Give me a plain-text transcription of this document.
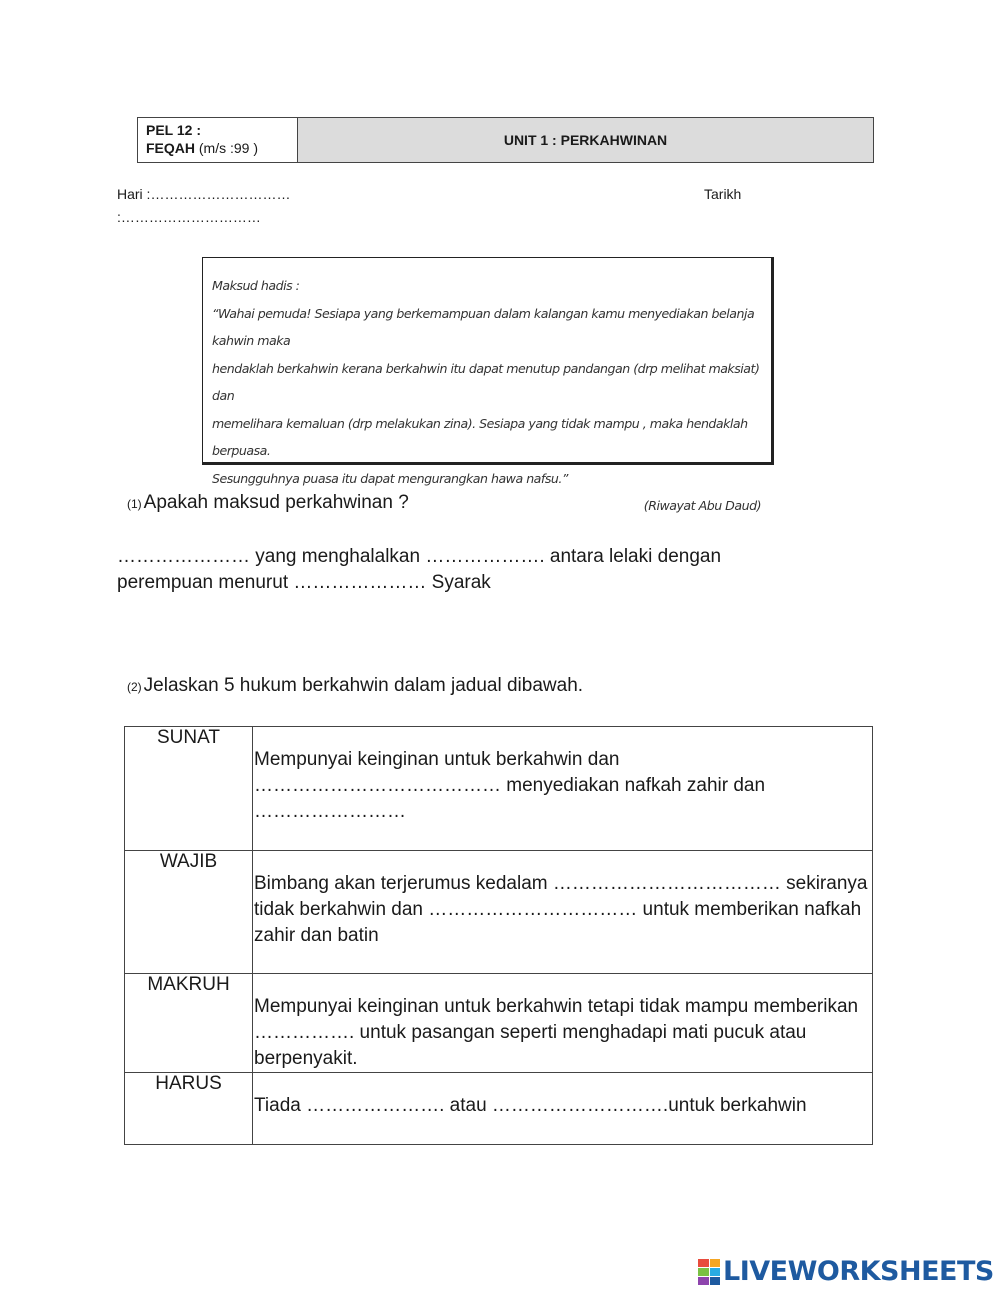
PEL 12 :
FEQAH (m/s :99 )	UNIT 1 : PERKAHWINAN
Hari :…………………………	Tarikh
:…………………………
Maksud hadis :
“Wahai pemuda! Sesiapa yang berkemampuan dalam kalangan kamu menyediakan belanja kahwin maka
hendaklah berkahwin kerana berkahwin itu dapat menutup pandangan (drp melihat maksiat) dan
memelihara kemaluan (drp melakukan zina). Sesiapa yang tidak mampu , maka hendaklah berpuasa.
Sesungguhnya puasa itu dapat mengurangkan hawa nafsu.”
(Riwayat Abu Daud)
(1) Apakah maksud perkahwinan ?
………………… yang menghalalkan ………………. antara lelaki dengan
perempuan menurut ………………… Syarak
(2) Jelaskan 5 hukum berkahwin dalam jadual dibawah.
SUNAT	Mempunyai keinginan untuk berkahwin dan ………………………………… menyediakan nafkah zahir dan ……………………
WAJIB	Bimbang akan terjerumus kedalam ……………………………… sekiranya tidak berkahwin dan …………………………… untuk memberikan nafkah zahir dan batin
MAKRUH	Mempunyai keinginan untuk berkahwin tetapi tidak mampu memberikan ……………. untuk pasangan seperti menghadapi mati pucuk atau berpenyakit.
HARUS	Tiada …………………. atau ……………………….untuk berkahwin
LIVEWORKSHEETS
